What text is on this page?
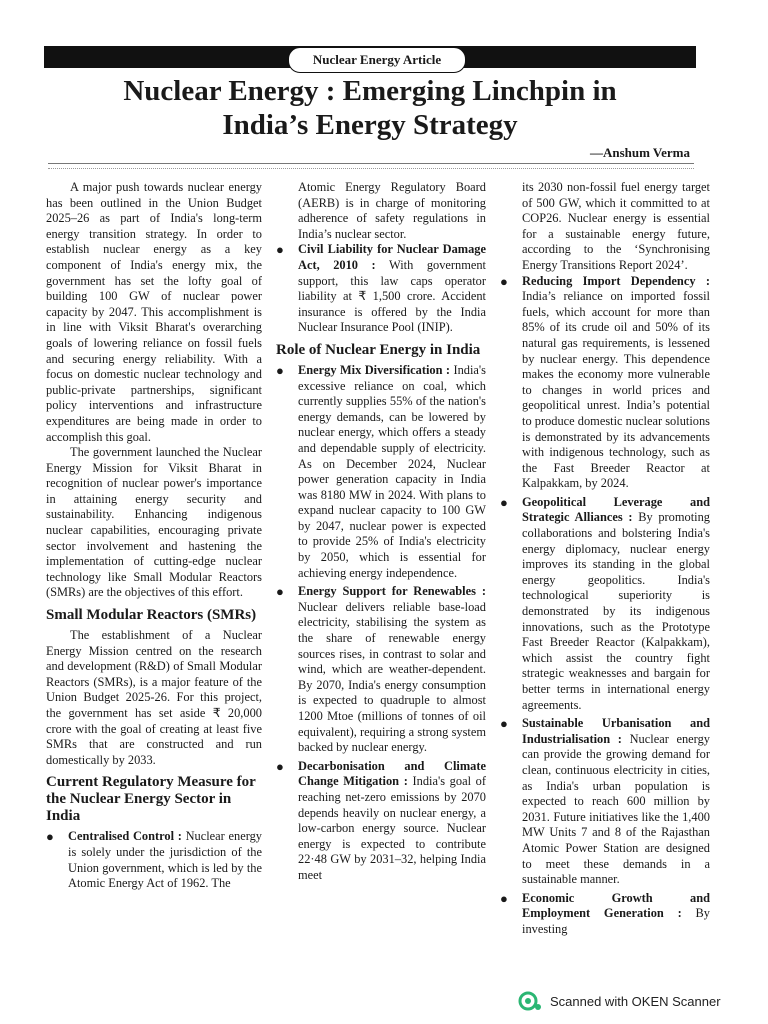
Nuclear Energy Article
Nuclear Energy : Emerging Linchpin in
India’s Energy Strategy
—Anshum Verma

A major push towards nuclear energy has been outlined in the Union Budget 2025–26 as part of India's long-term energy transition strategy. In order to establish nuclear energy as a key component of India's energy mix, the government has set the lofty goal of building 100 GW of nuclear power capacity by 2047. This accomplishment is in line with Viksit Bharat's overarching goals of lowering reliance on fossil fuels and securing energy reliability. With a focus on domestic nuclear technology and public-private partnerships, significant policy interventions and infrastructure expenditures are being made in order to accomplish this goal.

The government launched the Nuclear Energy Mission for Viksit Bharat in recognition of nuclear power's importance in attaining energy security and sustainability. Enhancing indigenous nuclear capabilities, encouraging private sector involvement and hastening the implementation of cutting-edge nuclear technology like Small Modular Reactors (SMRs) are the objectives of this effort.

Small Modular Reactors (SMRs)

The establishment of a Nuclear Energy Mission centred on the research and development (R&D) of Small Modular Reactors (SMRs), is a major feature of the Union Budget 2025-26. For this project, the government has set aside ₹ 20,000 crore with the goal of creating at least five SMRs that are constructed and run domestically by 2033.

Current Regulatory Measure for the Nuclear Energy Sector in India
● Centralised Control : Nuclear energy is solely under the jurisdiction of the Union government, which is led by the Atomic Energy Act of 1962. The

Atomic Energy Regulatory Board (AERB) is in charge of monitoring adherence of safety regulations in India’s nuclear sector.

● Civil Liability for Nuclear Damage Act, 2010 : With government support, this law caps operator liability at ₹ 1,500 crore. Accident insurance is offered by the India Nuclear Insurance Pool (INIP).
Role of Nuclear Energy in India
● Energy Mix Diversification : India's excessive reliance on coal, which currently supplies 55% of the nation's energy demands, can be lowered by nuclear energy, which offers a steady and dependable supply of electricity. As on December 2024, Nuclear power generation capacity in India was 8180 MW in 2024. With plans to expand nuclear capacity to 100 GW by 2047, nuclear power is expected to provide 25% of India's electricity by 2050, which is essential for achieving energy independence.
● Energy Support for Renewables : Nuclear delivers reliable base-load electricity, stabilising the system as the share of renewable energy sources rises, in contrast to solar and wind, which are weather-dependent. By 2070, India's energy consumption is expected to quadruple to almost 1200 Mtoe (millions of tonnes of oil equivalent), requiring a strong system backed by nuclear energy.
● Decarbonisation and Climate Change Mitigation : India's goal of reaching net-zero emissions by 2070 depends heavily on nuclear energy, a low-carbon energy source. Nuclear energy is expected to contribute 22·48 GW by 2031–32, helping India meet

its 2030 non-fossil fuel energy target of 500 GW, which it committed to at COP26. Nuclear energy is essential for a sustainable energy future, according to the ‘Synchronising Energy Transitions Report 2024’.

● Reducing Import Dependency : India’s reliance on imported fossil fuels, which account for more than 85% of its crude oil and 50% of its natural gas requirements, is lessened by nuclear energy. This dependence makes the economy more vulnerable to changes in world prices and geopolitical unrest. India’s potential to produce domestic nuclear solutions is demonstrated by its advancements with indigenous technology, such as the Fast Breeder Reactor at Kalpakkam, by 2024.
● Geopolitical Leverage and Strategic Alliances : By promoting collaborations and bolstering India's energy diplomacy, nuclear energy improves its standing in the global energy geopolitics. India's technological superiority is demonstrated by its indigenous innovations, such as the Prototype Fast Breeder Reactor (Kalpakkam), which assist the country fight strategic weaknesses and bargain for better terms in international energy agreements.
● Sustainable Urbanisation and Industrialisation : Nuclear energy can provide the growing demand for clean, continuous electricity in cities, as India's urban population is expected to reach 600 million by 2031. Future initiatives like the 1,400 MW Units 7 and 8 of the Rajasthan Atomic Power Station are designed to meet these demands in a sustainable manner.
● Economic Growth and Employment Generation : By investing
Scanned with OKEN Scanner
